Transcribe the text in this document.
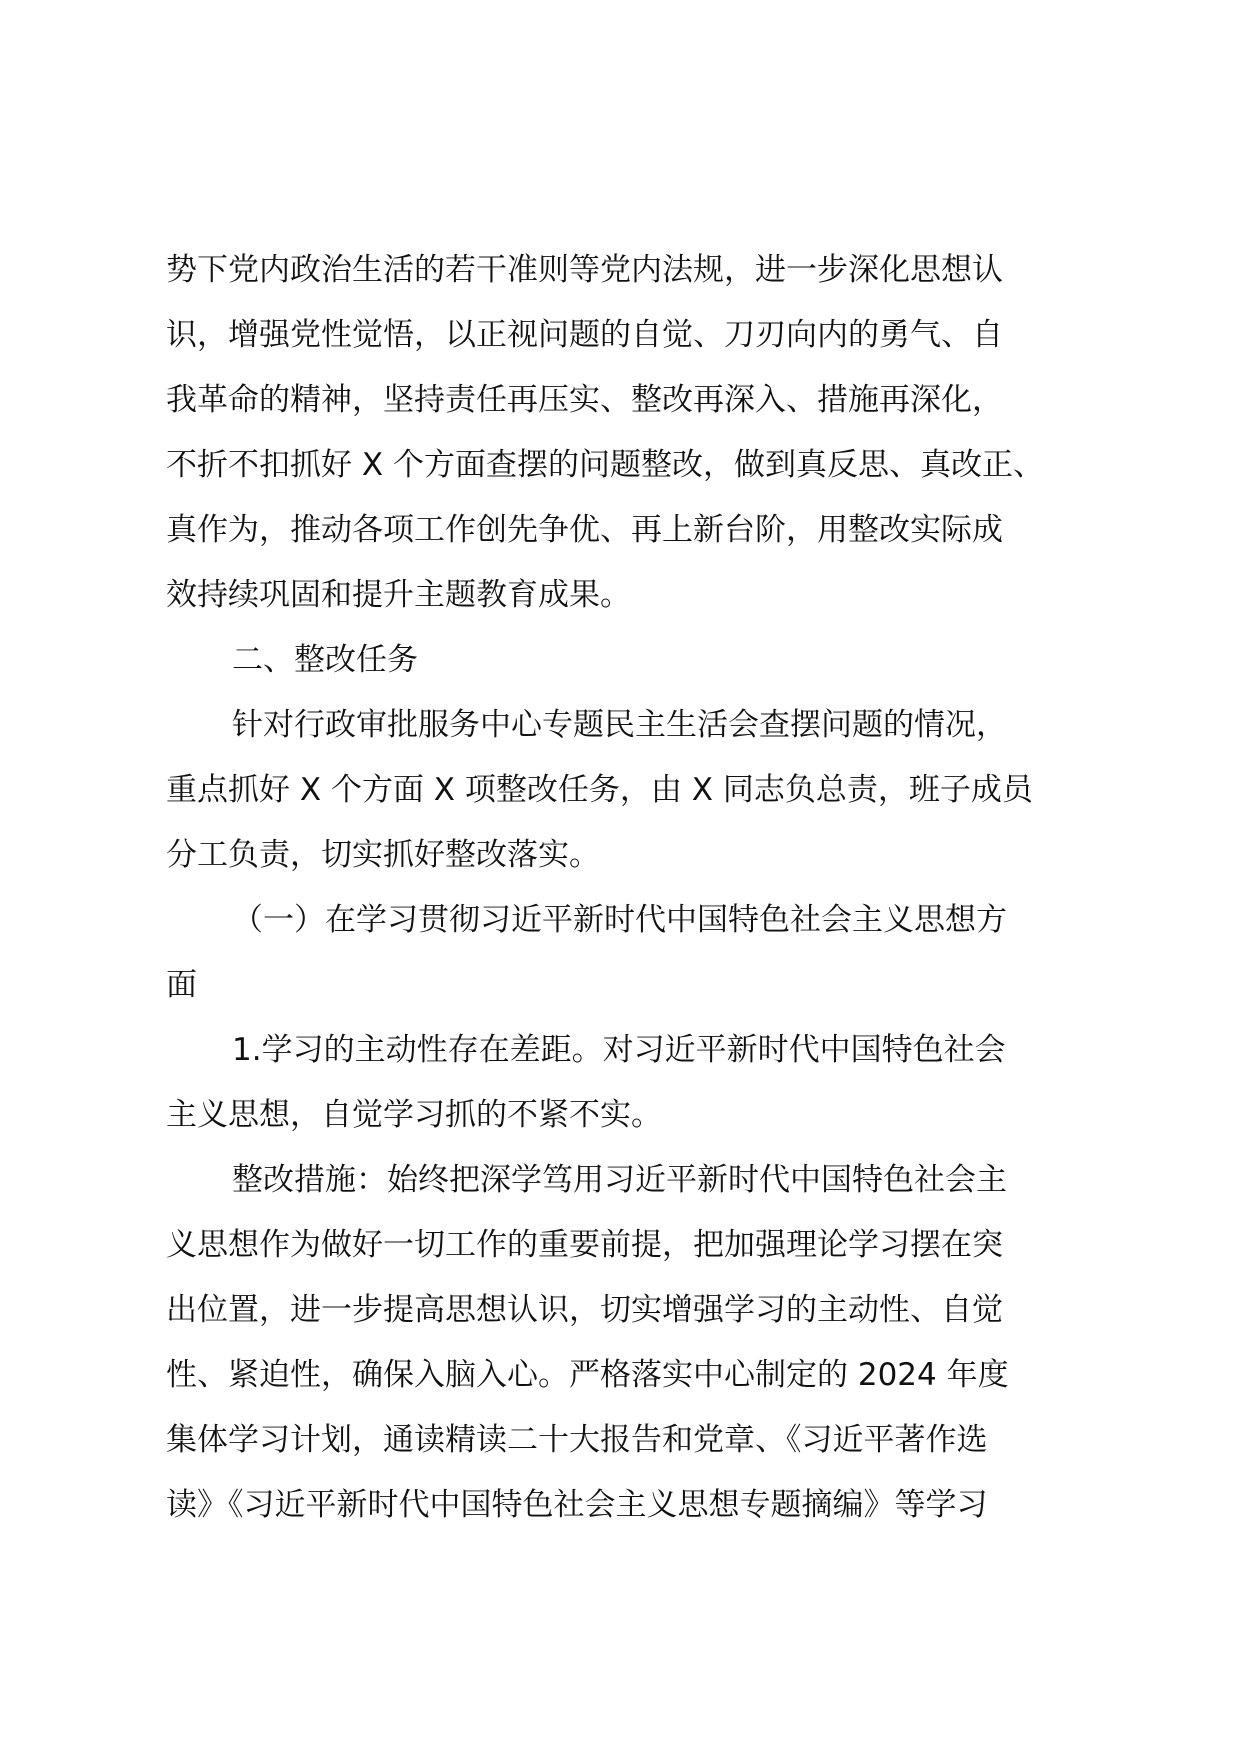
势下党内政治生活的若干准则等党内法规，进一步深化思想认
识，增强党性觉悟，以正视问题的自觉、刀刃向内的勇气、自
我革命的精神，坚持责任再压实、整改再深入、措施再深化，
不折不扣抓好 X 个方面查摆的问题整改，做到真反思、真改正、
真作为，推动各项工作创先争优、再上新台阶，用整改实际成
效持续巩固和提升主题教育成果。
二、整改任务
针对行政审批服务中心专题民主生活会查摆问题的情况，
重点抓好 X 个方面 X 项整改任务，由 X 同志负总责，班子成员
分工负责，切实抓好整改落实。
（一）在学习贯彻习近平新时代中国特色社会主义思想方
面
1.学习的主动性存在差距。对习近平新时代中国特色社会
主义思想，自觉学习抓的不紧不实。
整改措施：始终把深学笃用习近平新时代中国特色社会主
义思想作为做好一切工作的重要前提，把加强理论学习摆在突
出位置，进一步提高思想认识，切实增强学习的主动性、自觉
性、紧迫性，确保入脑入心。严格落实中心制定的 2024 年度
集体学习计划，通读精读二十大报告和党章、《习近平著作选
读》《习近平新时代中国特色社会主义思想专题摘编》等学习
